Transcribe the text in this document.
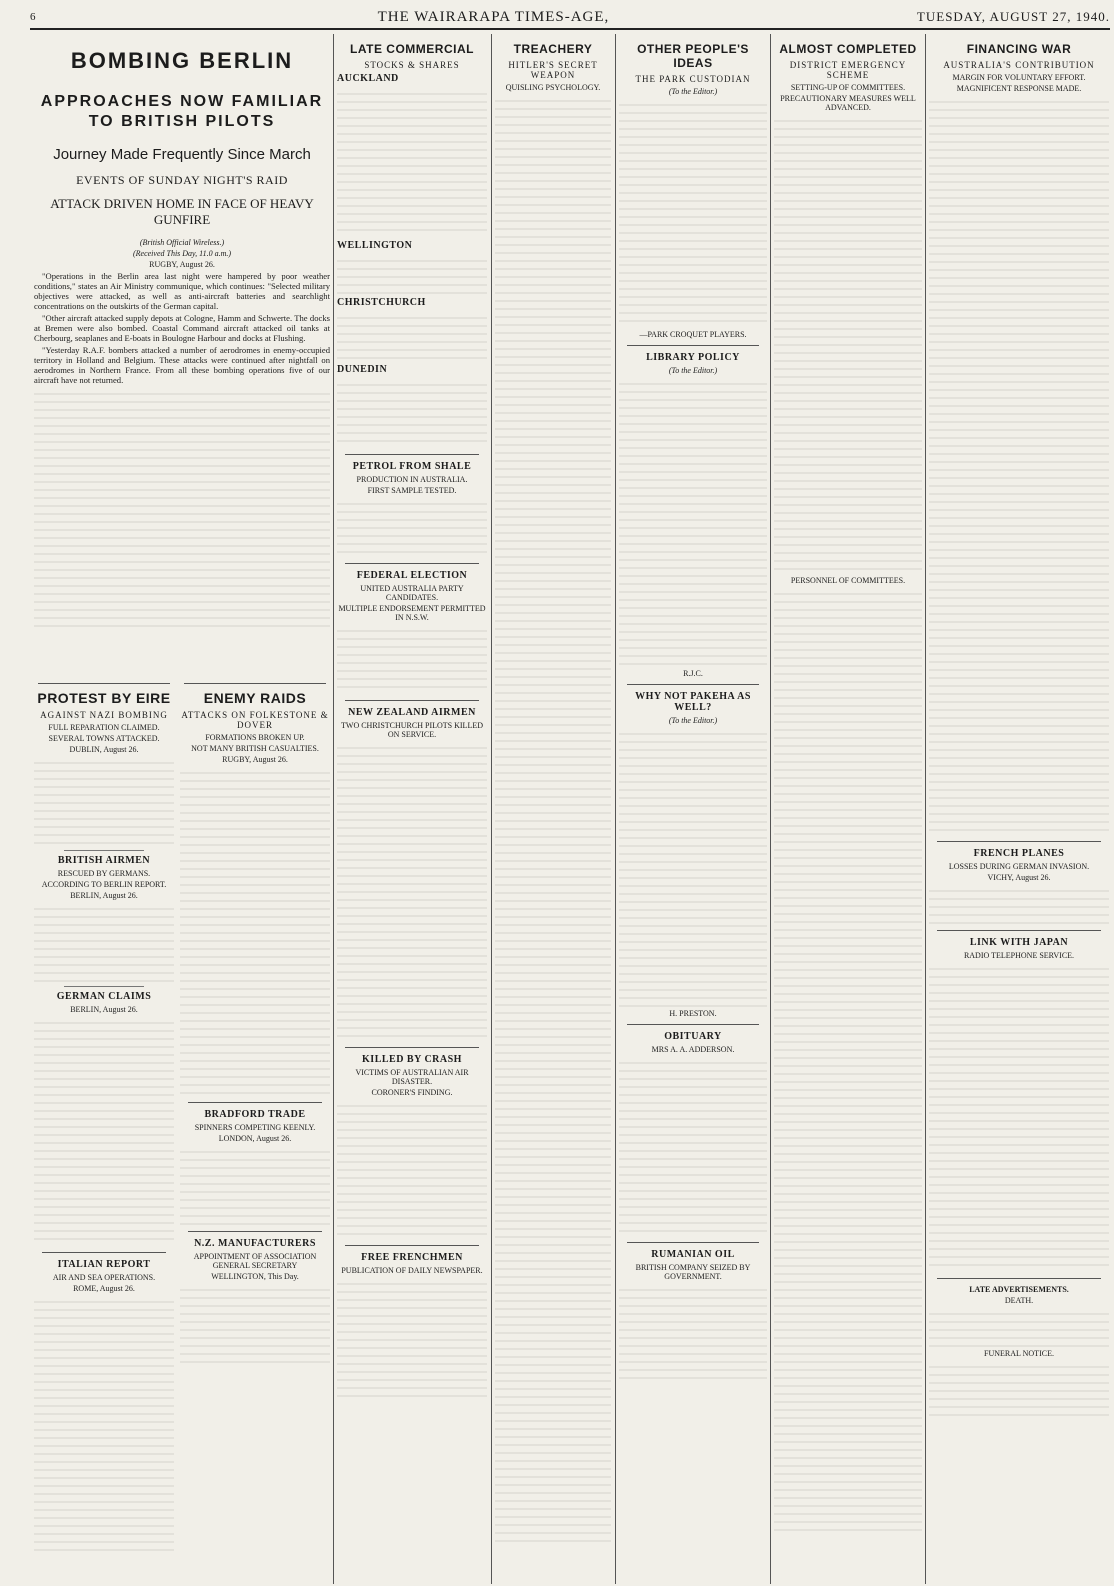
6	THE WAIRARAPA TIMES-AGE,	TUESDAY, AUGUST 27, 1940.
BOMBING BERLIN
APPROACHES NOW FAMILIAR TO BRITISH PILOTS
Journey Made Frequently Since March
EVENTS OF SUNDAY NIGHT'S RAID
ATTACK DRIVEN HOME IN FACE OF HEAVY GUNFIRE
(British Official Wireless.)
(Received This Day, 11.0 a.m.)
RUGBY, August 26.

"Operations in the Berlin area last night were hampered by poor weather conditions," states an Air Ministry communique, which continues: "Selected military objectives were attacked, as well as anti-aircraft batteries and searchlight concentrations on the outskirts of the German capital.

"Other aircraft attacked supply depots at Cologne, Hamm and Schwerte. The docks at Bremen were also bombed. Coastal Command aircraft attacked oil tanks at Cherbourg, seaplanes and E-boats in Boulogne Harbour and docks at Flushing.

"Yesterday R.A.F. bombers attacked a number of aerodromes in enemy-occupied territory in Holland and Belgium. These attacks were continued after nightfall on aerodromes in Northern France. From all these bombing operations five of our aircraft have not returned.

PROTEST BY EIRE
AGAINST NAZI BOMBING
FULL REPARATION CLAIMED.
SEVERAL TOWNS ATTACKED.
DUBLIN, August 26.
BRITISH AIRMEN
RESCUED BY GERMANS.
ACCORDING TO BERLIN REPORT.
BERLIN, August 26.
GERMAN CLAIMS
BERLIN, August 26.
ITALIAN REPORT
AIR AND SEA OPERATIONS.
ROME, August 26.
ENEMY RAIDS
ATTACKS ON FOLKESTONE & DOVER
FORMATIONS BROKEN UP.
NOT MANY BRITISH CASUALTIES.
RUGBY, August 26.
BRADFORD TRADE
SPINNERS COMPETING KEENLY.
LONDON, August 26.
N.Z. MANUFACTURERS
APPOINTMENT OF ASSOCIATION GENERAL SECRETARY
WELLINGTON, This Day.
LATE COMMERCIAL
STOCKS & SHARES
AUCKLAND
WELLINGTON
CHRISTCHURCH
DUNEDIN
PETROL FROM SHALE
PRODUCTION IN AUSTRALIA.
FIRST SAMPLE TESTED.
FEDERAL ELECTION
UNITED AUSTRALIA PARTY CANDIDATES.
MULTIPLE ENDORSEMENT PERMITTED IN N.S.W.
NEW ZEALAND AIRMEN
TWO CHRISTCHURCH PILOTS KILLED ON SERVICE.
KILLED BY CRASH
VICTIMS OF AUSTRALIAN AIR DISASTER.
CORONER'S FINDING.
FREE FRENCHMEN
PUBLICATION OF DAILY NEWSPAPER.
TREACHERY
HITLER'S SECRET WEAPON
QUISLING PSYCHOLOGY.
OTHER PEOPLE'S IDEAS
THE PARK CUSTODIAN
(To the Editor.)
—PARK CROQUET PLAYERS.
LIBRARY POLICY
(To the Editor.)
R.J.C.
WHY NOT PAKEHA AS WELL?
(To the Editor.)
H. PRESTON.
OBITUARY
MRS A. A. ADDERSON.
RUMANIAN OIL
BRITISH COMPANY SEIZED BY GOVERNMENT.
ALMOST COMPLETED
DISTRICT EMERGENCY SCHEME
SETTING-UP OF COMMITTEES.
PRECAUTIONARY MEASURES WELL ADVANCED.
PERSONNEL OF COMMITTEES.
FINANCING WAR
AUSTRALIA'S CONTRIBUTION
MARGIN FOR VOLUNTARY EFFORT.
MAGNIFICENT RESPONSE MADE.
FRENCH PLANES
LOSSES DURING GERMAN INVASION.
VICHY, August 26.
LINK WITH JAPAN
RADIO TELEPHONE SERVICE.
LATE ADVERTISEMENTS.
DEATH.
FUNERAL NOTICE.
